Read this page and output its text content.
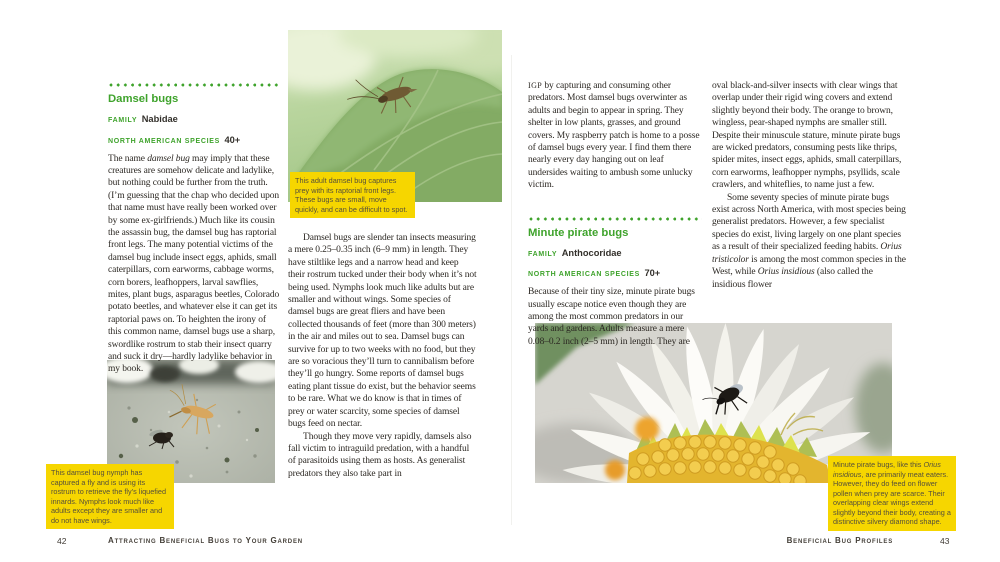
Damsel bugs
FAMILY Nabidae
NORTH AMERICAN SPECIES 40+

The name damsel bug may imply that these creatures are somehow delicate and ladylike, but nothing could be further from the truth. (I’m guessing that the chap who decided upon that name must have really been worked over by some ex-girlfriends.) Much like its cousin the assassin bug, the damsel bug has raptorial front legs. The many potential victims of the damsel bug include insect eggs, aphids, small caterpillars, corn earworms, cabbage worms, corn borers, leafhoppers, larval sawflies, mites, plant bugs, asparagus beetles, Colorado potato beetles, and whatever else it can get its raptorial paws on. To heighten the irony of this common name, damsel bugs use a sharp, swordlike rostrum to stab their insect quarry and suck it dry—hardly ladylike behavior in my book.

This adult damsel bug captures prey with its raptorial front legs. These bugs are small, move quickly, and can be difficult to spot.

Damsel bugs are slender tan insects measuring a mere 0.25–0.35 inch (6–9 mm) in length. They have stiltlike legs and a narrow head and keep their rostrum tucked under their body when it’s not being used. Nymphs look much like adults but are smaller and without wings. Some species of damsel bugs are great fliers and have been collected thousands of feet (more than 300 meters) in the air and miles out to sea. Damsel bugs can survive for up to two weeks with no food, but they are so voracious they’ll turn to cannibalism before they’ll go hungry. Some reports of damsel bugs eating plant tissue do exist, but the behavior seems to be rare. What we do know is that in times of prey or water scarcity, some species of damsel bugs feed on nectar.

Though they move very rapidly, damsels also fall victim to intraguild predation, with a handful of parasitoids using them as hosts. As generalist predators they also take part in

This damsel bug nymph has captured a fly and is using its rostrum to retrieve the fly’s liquefied innards. Nymphs look much like adults except they are smaller and do not have wings.

IGP by capturing and consuming other predators. Most damsel bugs overwinter as adults and begin to appear in spring. They shelter in low plants, grasses, and ground covers. My raspberry patch is home to a posse of damsel bugs every year. I find them there nearly every day hanging out on leaf undersides waiting to ambush some unlucky victim.

Minute pirate bugs
FAMILY Anthocoridae
NORTH AMERICAN SPECIES 70+

Because of their tiny size, minute pirate bugs usually escape notice even though they are among the most common predators in our yards and gardens. Adults measure a mere 0.08–0.2 inch (2–5 mm) in length. They are

oval black-and-silver insects with clear wings that overlap under their rigid wing covers and extend slightly beyond their body. The orange to brown, wingless, pear-shaped nymphs are smaller still. Despite their minuscule stature, minute pirate bugs are wicked predators, consuming pests like thrips, spider mites, insect eggs, aphids, small caterpillars, corn earworms, leafhopper nymphs, psyllids, scale crawlers, and whiteflies, to name just a few.

Some seventy species of minute pirate bugs exist across North America, with most species being generalist predators. However, a few specialist species do exist, living largely on one plant species as a result of their specialized feeding habits. Orius tristicolor is among the most common species in the West, while Orius insidious (also called the insidious flower

Minute pirate bugs, like this Orius insidious, are primarily meat eaters. However, they do feed on flower pollen when prey are scarce. Their overlapping clear wings extend slightly beyond their body, creating a distinctive silvery diamond shape.
42	Attracting Beneficial Bugs to Your Garden	Beneficial Bug Profiles	43
